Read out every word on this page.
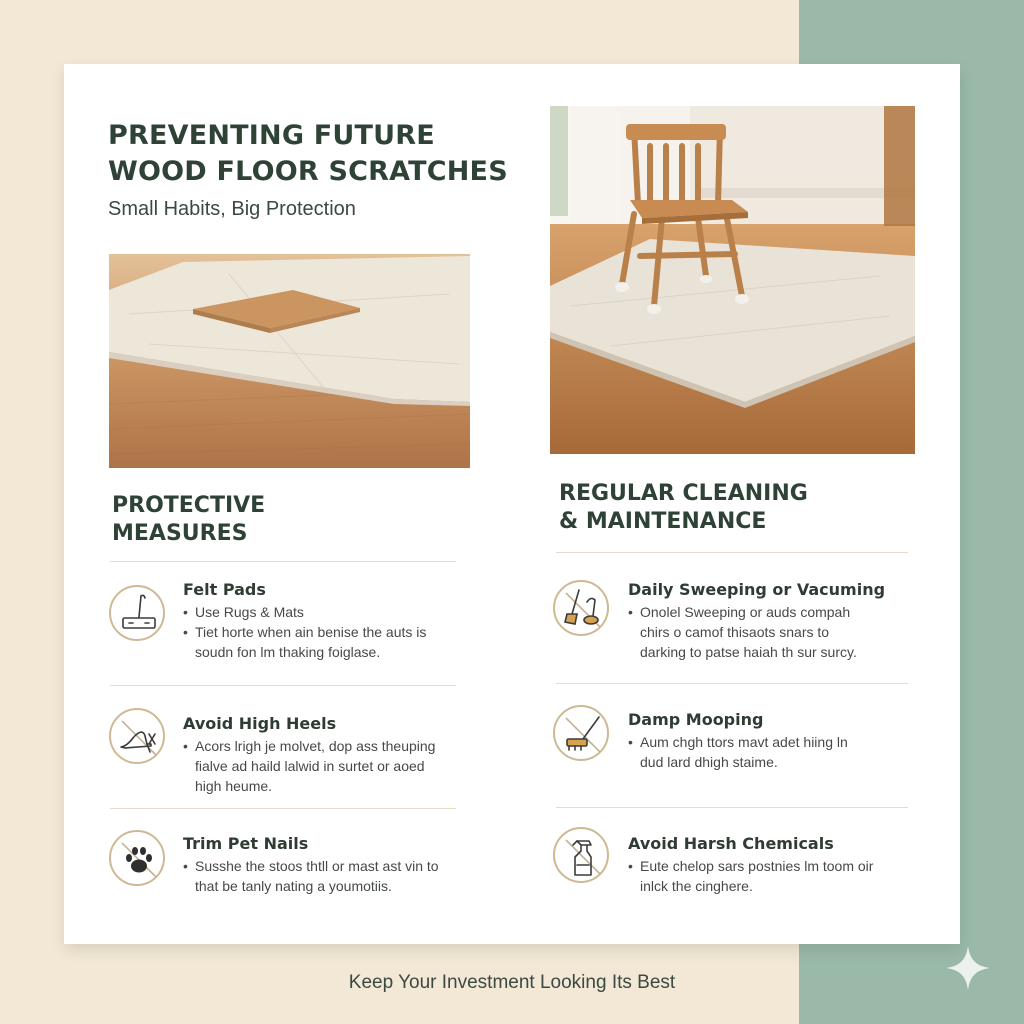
PREVENTING FUTURE
WOOD FLOOR SCRATCHES

Small Habits, Big Protection

PROTECTIVE
MEASURES
REGULAR CLEANING
& MAINTENANCE

Felt Pads

• Use Rugs & Mats
• Tiet horte when ain benise the auts is
soudn fon lm thaking foiglase.

Avoid High Heels

• Acors lrigh je molvet, dop ass theuping
fialve ad haild lalwid in surtet or aoed
high heume.

Trim Pet Nails

• Susshe the stoos thtll or mast ast vin to
that be tanly nating a youmotiis.

Daily Sweeping or Vacuming

• Onolel Sweeping or auds compah
chirs o camof thisaots snars to
darking to patse haiah th sur surcy.

Damp Mooping

• Aum chgh ttors mavt adet hiing ln
dud lard dhigh staime.

Avoid Harsh Chemicals

• Eute chelop sars postnies lm toom oir
inlck the cinghere.

Keep Your Investment Looking Its Best
